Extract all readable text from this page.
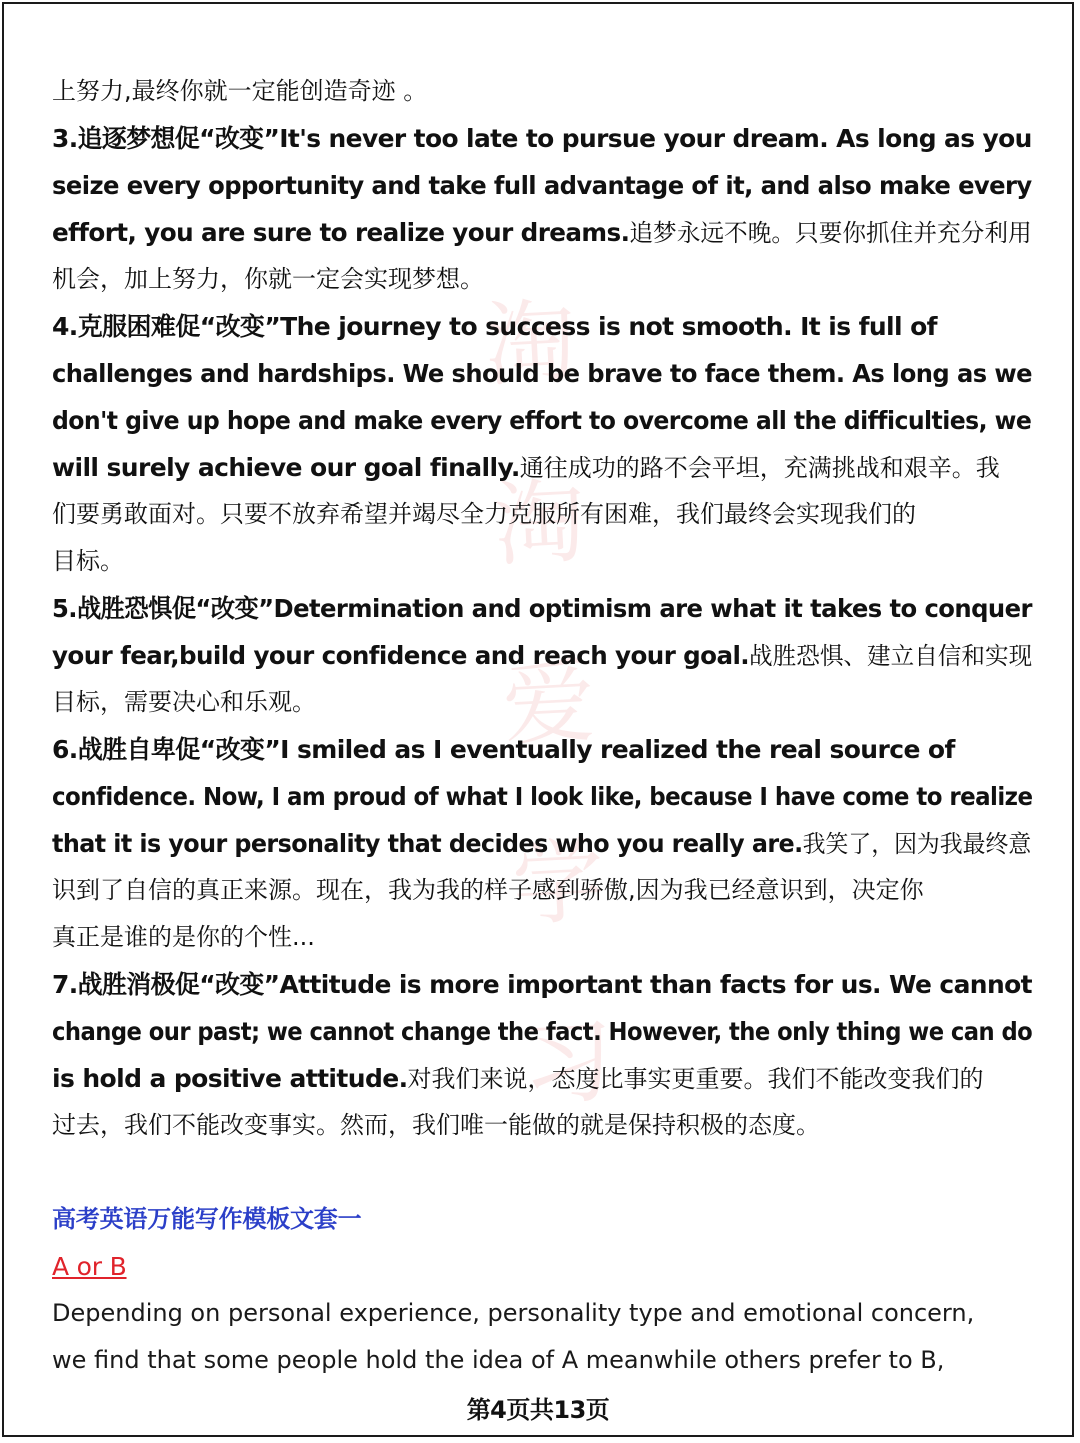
淘
淘
爱
学
习
上努力,最终你就一定能创造奇迹 。
3.追逐梦想促“改变”It's never too late to pursue your dream. As long as you
seize every opportunity and take full advantage of it, and also make every
effort, you are sure to realize your dreams.追梦永远不晚。只要你抓住并充分利用
机会，加上努力，你就一定会实现梦想。
4.克服困难促“改变”The journey to success is not smooth. It is full of
challenges and hardships. We should be brave to face them. As long as we
don't give up hope and make every effort to overcome all the difficulties, we
will surely achieve our goal finally.通往成功的路不会平坦，充满挑战和艰辛。我
们要勇敢面对。只要不放弃希望并竭尽全力克服所有困难，我们最终会实现我们的
目标。
5.战胜恐惧促“改变”Determination and optimism are what it takes to conquer
your fear,build your confidence and reach your goal.战胜恐惧、建立自信和实现
目标，需要决心和乐观。
6.战胜自卑促“改变”I smiled as I eventually realized the real source of
confidence. Now, I am proud of what I look like, because I have come to realize
that it is your personality that decides who you really are.我笑了，因为我最终意
识到了自信的真正来源。现在，我为我的样子感到骄傲,因为我已经意识到，决定你
真正是谁的是你的个性...
7.战胜消极促“改变”Attitude is more important than facts for us. We cannot
change our past; we cannot change the fact. However, the only thing we can do
is hold a positive attitude.对我们来说，态度比事实更重要。我们不能改变我们的
过去，我们不能改变事实。然而，我们唯一能做的就是保持积极的态度。
高考英语万能写作模板文套一
A or B
Depending on personal experience, personality type and emotional concern,
we find that some people hold the idea of A meanwhile others prefer to B,
第4页共13页
